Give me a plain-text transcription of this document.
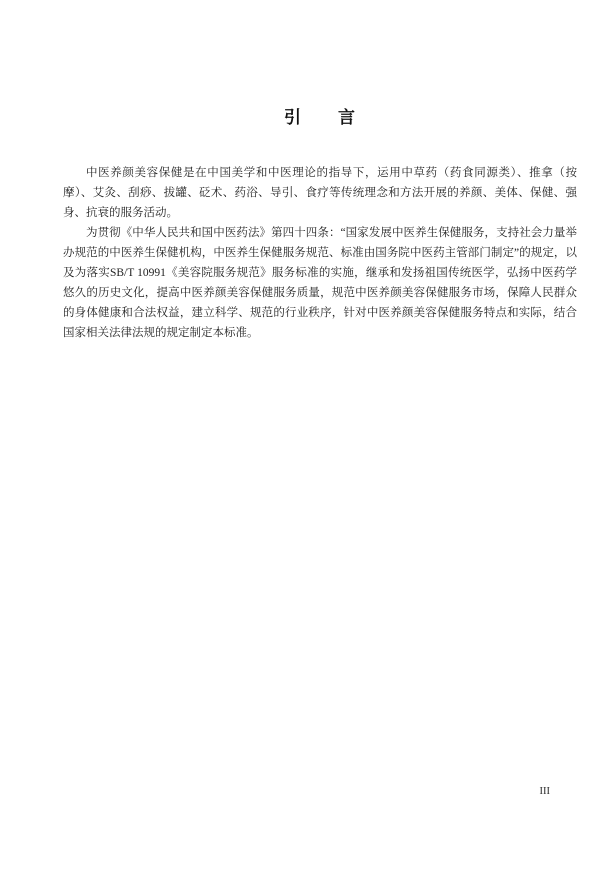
引　　言

中医养颜美容保健是在中国美学和中医理论的指导下，运用中草药（药食同源类）、推拿（按摩）、艾灸、刮痧、拔罐、砭术、药浴、导引、食疗等传统理念和方法开展的养颜、美体、保健、强身、抗衰的服务活动。

为贯彻《中华人民共和国中医药法》第四十四条：“国家发展中医养生保健服务，支持社会力量举办规范的中医养生保健机构，中医养生保健服务规范、标准由国务院中医药主管部门制定”的规定，以及为落实SB/T 10991《美容院服务规范》服务标准的实施，继承和发扬祖国传统医学，弘扬中医药学悠久的历史文化，提高中医养颜美容保健服务质量，规范中医养颜美容保健服务市场，保障人民群众的身体健康和合法权益，建立科学、规范的行业秩序，针对中医养颜美容保健服务特点和实际，结合国家相关法律法规的规定制定本标准。

III
